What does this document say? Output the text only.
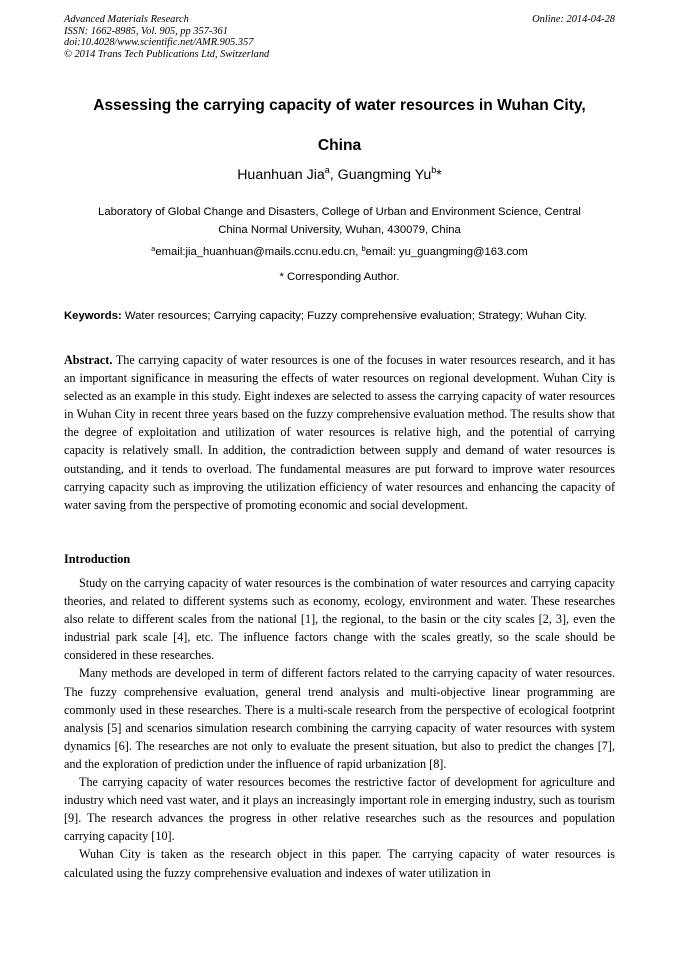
Advanced Materials Research
ISSN: 1662-8985, Vol. 905, pp 357-361
doi:10.4028/www.scientific.net/AMR.905.357
© 2014 Trans Tech Publications Ltd, Switzerland
Online: 2014-04-28
Assessing the carrying capacity of water resources in Wuhan City,
China
Huanhuan Jia$^a$, Guangming Yu$^b$*
Laboratory of Global Change and Disasters, College of Urban and Environment Science, Central
China Normal University, Wuhan, 430079, China
$^a$email:jia_huanhuan@mails.ccnu.edu.cn, $^b$email: yu_guangming@163.com
* Corresponding Author.
Keywords: Water resources; Carrying capacity; Fuzzy comprehensive evaluation; Strategy; Wuhan City.
Abstract. The carrying capacity of water resources is one of the focuses in water resources research, and it has an important significance in measuring the effects of water resources on regional development. Wuhan City is selected as an example in this study. Eight indexes are selected to assess the carrying capacity of water resources in Wuhan City in recent three years based on the fuzzy comprehensive evaluation method. The results show that the degree of exploitation and utilization of water resources is relative high, and the potential of carrying capacity is relatively small. In addition, the contradiction between supply and demand of water resources is outstanding, and it tends to overload. The fundamental measures are put forward to improve water resources carrying capacity such as improving the utilization efficiency of water resources and enhancing the capacity of water saving from the perspective of promoting economic and social development.
Introduction

Study on the carrying capacity of water resources is the combination of water resources and carrying capacity theories, and related to different systems such as economy, ecology, environment and water. These researches also relate to different scales from the national [1], the regional, to the basin or the city scales [2, 3], even the industrial park scale [4], etc. The influence factors change with the scales greatly, so the scale should be considered in these researches.

Many methods are developed in term of different factors related to the carrying capacity of water resources. The fuzzy comprehensive evaluation, general trend analysis and multi-objective linear programming are commonly used in these researches. There is a multi-scale research from the perspective of ecological footprint analysis [5] and scenarios simulation research combining the carrying capacity of water resources with system dynamics [6]. The researches are not only to evaluate the present situation, but also to predict the changes [7], and the exploration of prediction under the influence of rapid urbanization [8].

The carrying capacity of water resources becomes the restrictive factor of development for agriculture and industry which need vast water, and it plays an increasingly important role in emerging industry, such as tourism [9]. The research advances the progress in other relative researches such as the resources and population carrying capacity [10].

Wuhan City is taken as the research object in this paper. The carrying capacity of water resources is calculated using the fuzzy comprehensive evaluation and indexes of water utilization in
